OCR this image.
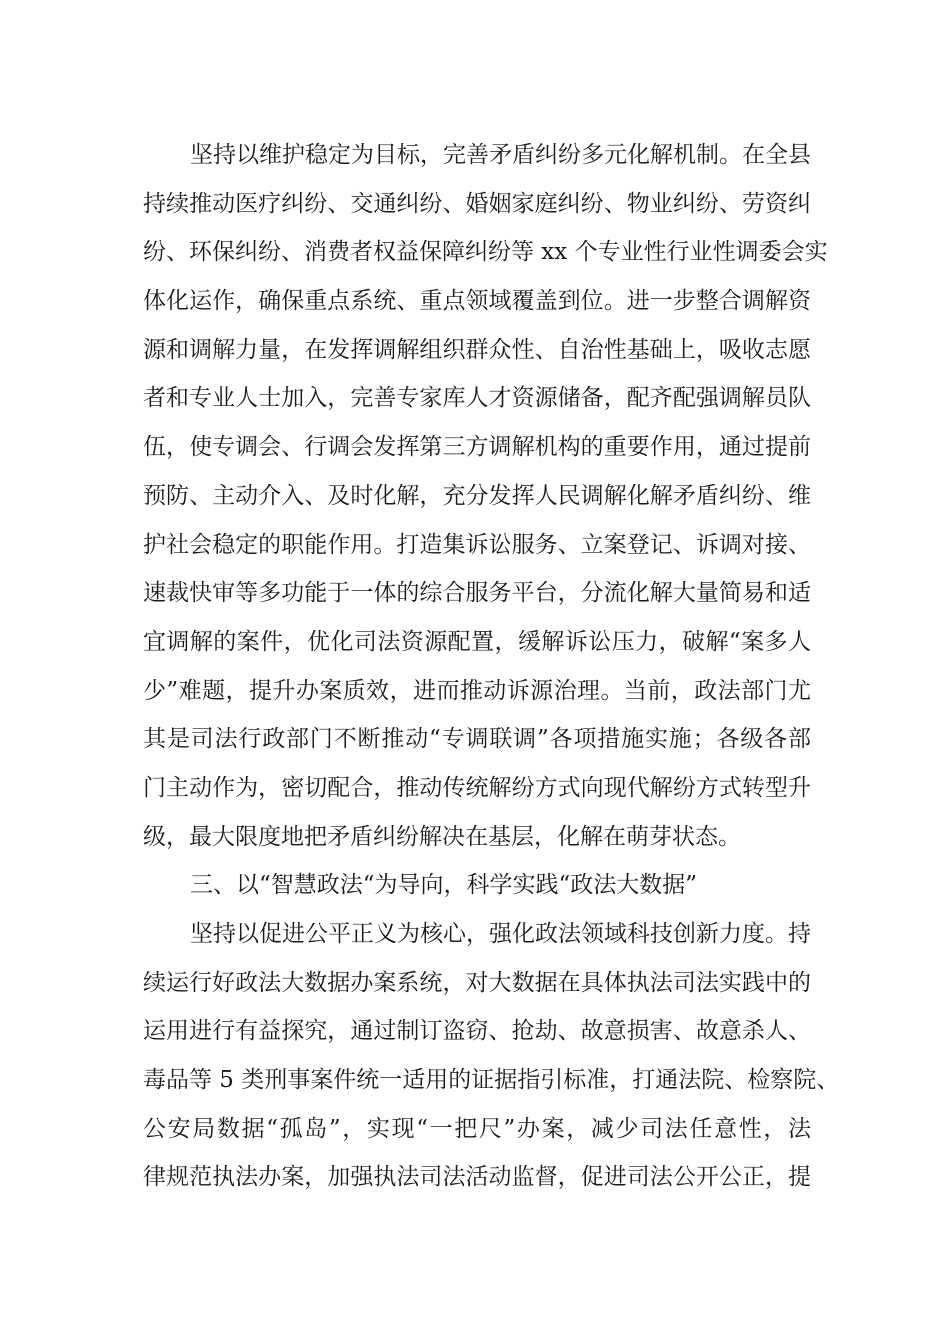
坚持以维护稳定为目标，完善矛盾纠纷多元化解机制。在全县
持续推动医疗纠纷、交通纠纷、婚姻家庭纠纷、物业纠纷、劳资纠
纷、环保纠纷、消费者权益保障纠纷等 xx 个专业性行业性调委会实
体化运作，确保重点系统、重点领域覆盖到位。进一步整合调解资
源和调解力量，在发挥调解组织群众性、自治性基础上，吸收志愿
者和专业人士加入，完善专家库人才资源储备，配齐配强调解员队
伍，使专调会、行调会发挥第三方调解机构的重要作用，通过提前
预防、主动介入、及时化解，充分发挥人民调解化解矛盾纠纷、维
护社会稳定的职能作用。打造集诉讼服务、立案登记、诉调对接、
速裁快审等多功能于一体的综合服务平台，分流化解大量简易和适
宜调解的案件，优化司法资源配置，缓解诉讼压力，破解“案多人
少”难题，提升办案质效，进而推动诉源治理。当前，政法部门尤
其是司法行政部门不断推动“专调联调”各项措施实施；各级各部
门主动作为，密切配合，推动传统解纷方式向现代解纷方式转型升
级，最大限度地把矛盾纠纷解决在基层，化解在萌芽状态。
三、以“智慧政法“为导向，科学实践“政法大数据”
坚持以促进公平正义为核心，强化政法领域科技创新力度。持
续运行好政法大数据办案系统，对大数据在具体执法司法实践中的
运用进行有益探究，通过制订盗窃、抢劫、故意损害、故意杀人、
毒品等 5 类刑事案件统一适用的证据指引标准，打通法院、检察院、
公安局数据“孤岛”，实现“一把尺”办案，减少司法任意性，法
律规范执法办案，加强执法司法活动监督，促进司法公开公正，提
